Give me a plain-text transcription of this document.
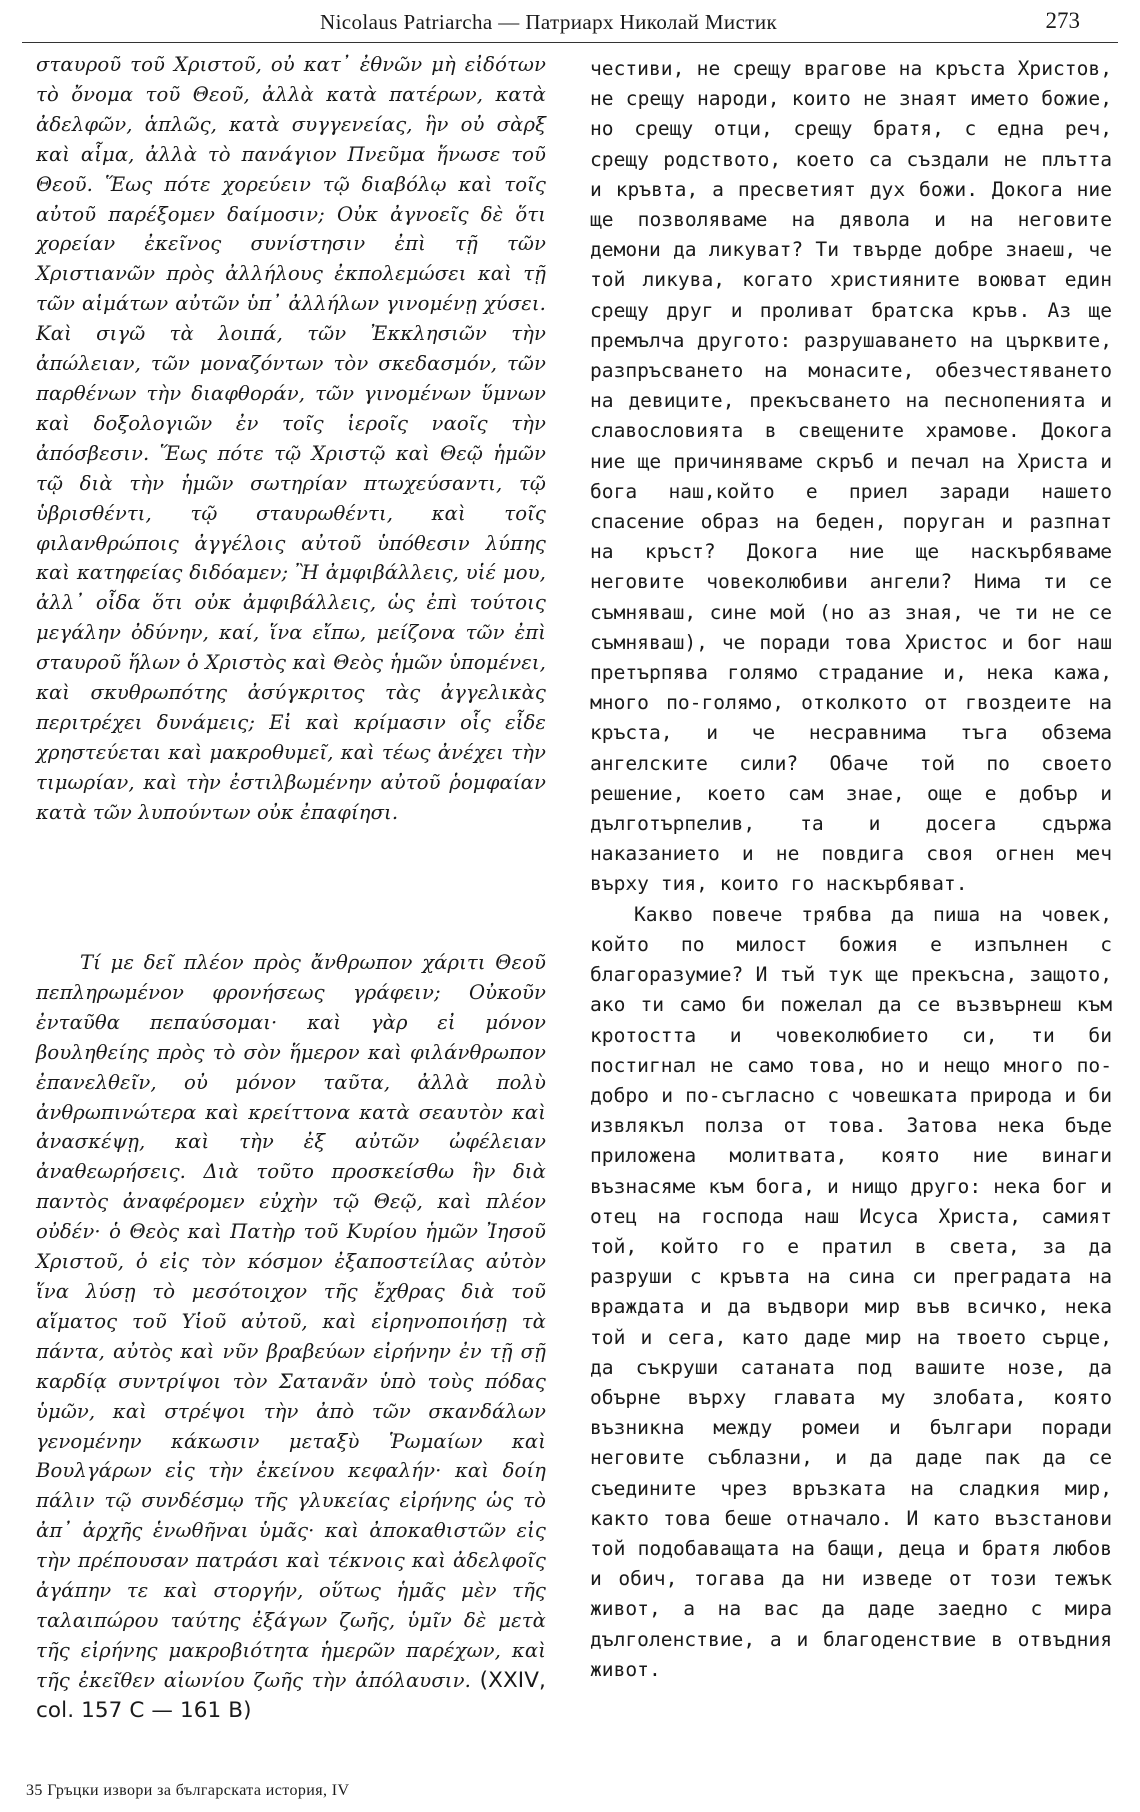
Nicolaus Patriarcha — Патриарх Николай Мистик	273

σταυροῦ τοῦ Χριστοῦ, οὐ κατ᾿ ἐθνῶν μὴ εἰδότων τὸ ὄνομα τοῦ Θεοῦ, ἀλλὰ κατὰ πατέρων, κατὰ ἀδελφῶν, ἁπλῶς, κατὰ συγγενείας, ἣν οὐ σὰρξ καὶ αἷμα, ἀλλὰ τὸ πανάγιον Πνεῦμα ἥνωσε τοῦ Θεοῦ. Ἕως πότε χορεύειν τῷ διαβόλῳ καὶ τοῖς αὐτοῦ παρέξομεν δαίμοσιν; Οὐκ ἀγνοεῖς δὲ ὅτι χορείαν ἐκεῖνος συνίστησιν ἐπὶ τῇ τῶν Χριστιανῶν πρὸς ἀλλήλους ἐκπολεμώσει καὶ τῇ τῶν αἱμάτων αὐτῶν ὑπ᾿ ἀλλήλων γινομένῃ χύσει. Καὶ σιγῶ τὰ λοιπά, τῶν Ἐκκλησιῶν τὴν ἀπώλειαν, τῶν μοναζόντων τὸν σκεδασμόν, τῶν παρθένων τὴν διαφθοράν, τῶν γινομένων ὕμνων καὶ δοξολογιῶν ἐν τοῖς ἱεροῖς ναοῖς τὴν ἀπόσβεσιν. Ἕως πότε τῷ Χριστῷ καὶ Θεῷ ἡμῶν τῷ διὰ τὴν ἡμῶν σωτηρίαν πτωχεύσαντι, τῷ ὑβρισθέντι, τῷ σταυρωθέντι, καὶ τοῖς φιλανθρώποις ἀγγέλοις αὐτοῦ ὑπόθεσιν λύπης καὶ κατηφείας διδόαμεν; Ἢ ἀμφιβάλλεις, υἱέ μου, ἀλλ᾿ οἶδα ὅτι οὐκ ἀμφιβάλλεις, ὡς ἐπὶ τούτοις μεγάλην ὀδύνην, καί, ἵνα εἴπω, μείζονα τῶν ἐπὶ σταυροῦ ἥλων ὁ Χριστὸς καὶ Θεὸς ἡμῶν ὑπομένει, καὶ σκυθρωπότης ἀσύγκριτος τὰς ἀγγελικὰς περιτρέχει δυνάμεις; Εἰ καὶ κρίμασιν οἷς εἶδε χρηστεύεται καὶ μακροθυμεῖ, καὶ τέως ἀνέχει τὴν τιμωρίαν, καὶ τὴν ἐστιλβωμένην αὐτοῦ ῥομφαίαν κατὰ τῶν λυπούντων οὐκ ἐπαφίησι.

Τί με δεῖ πλέον πρὸς ἄνθρωπον χάριτι Θεοῦ πεπληρωμένον φρονήσεως γράφειν; Οὐκοῦν ἐνταῦθα πεπαύσομαι· καὶ γὰρ εἰ μόνον βουληθείης πρὸς τὸ σὸν ἥμερον καὶ φιλάνθρωπον ἐπανελθεῖν, οὐ μόνον ταῦτα, ἀλλὰ πολὺ ἀνθρωπινώτερα καὶ κρείττονα κατὰ σεαυτὸν καὶ ἀνασκέψῃ, καὶ τὴν ἐξ αὐτῶν ὠφέλειαν ἀναθεωρήσεις. Διὰ τοῦτο προσκείσθω ἣν διὰ παντὸς ἀναφέρομεν εὐχὴν τῷ Θεῷ, καὶ πλέον οὐδέν· ὁ Θεὸς καὶ Πατὴρ τοῦ Κυρίου ἡμῶν Ἰησοῦ Χριστοῦ, ὁ εἰς τὸν κόσμον ἐξαποστείλας αὐτὸν ἵνα λύσῃ τὸ μεσότοιχον τῆς ἔχθρας διὰ τοῦ αἵματος τοῦ Υἱοῦ αὐτοῦ, καὶ εἰρηνοποιήσῃ τὰ πάντα, αὐτὸς καὶ νῦν βραβεύων εἰρήνην ἐν τῇ σῇ καρδίᾳ συντρίψοι τὸν Σατανᾶν ὑπὸ τοὺς πόδας ὑμῶν, καὶ στρέψοι τὴν ἀπὸ τῶν σκανδάλων γενομένην κάκωσιν μεταξὺ Ῥωμαίων καὶ Βουλγάρων εἰς τὴν ἐκείνου κεφαλήν· καὶ δοίη πάλιν τῷ συνδέσμῳ τῆς γλυκείας εἰρήνης ὡς τὸ ἀπ᾿ ἀρχῆς ἑνωθῆναι ὑμᾶς· καὶ ἀποκαθιστῶν εἰς τὴν πρέπουσαν πατράσι καὶ τέκνοις καὶ ἀδελφοῖς ἀγάπην τε καὶ στοργήν, οὕτως ἡμᾶς μὲν τῆς ταλαιπώρου ταύτης ἐξάγων ζωῆς, ὑμῖν δὲ μετὰ τῆς εἰρήνης μακροβιότητα ἡμερῶν παρέχων, καὶ τῆς ἐκεῖθεν αἰωνίου ζωῆς τὴν ἀπόλαυσιν. (XXIV, col. 157 C — 161 B)

честиви, не срещу врагове на кръста Христов, не срещу народи, които не знаят името божие, но срещу отци, срещу братя, с една реч, срещу родството, което са създали не плътта и кръвта, а пресветият дух божи. Докога ние ще позволяваме на дявола и на неговите демони да ликуват? Ти твърде добре знаеш, че той ликува, когато християните воюват един срещу друг и проливат братска кръв. Аз ще премълча другото: разрушаването на църквите, разпръсването на монасите, обезчестяването на девиците, прекъсването на песнопенията и славословията в свещените храмове. Докога ние ще причиняваме скръб и печал на Христа и бога наш,който е приел заради нашето спасение образ на беден, поруган и разпнат на кръст? Докога ние ще наскърбяваме неговите човеколюбиви ангели? Нима ти се съмняваш, сине мой (но аз зная, че ти не се съмняваш), че поради това Христос и бог наш претърпява голямо страдание и, нека кажа, много по-голямо, отколкото от гвоздеите на кръста, и че несравнима тъга обзема ангелските сили? Обаче той по своето решение, което сам знае, още е добър и дълготърпелив, та и досега сдържа наказанието и не повдига своя огнен меч върху тия, които го наскърбяват.

Какво повече трябва да пиша на човек, който по милост божия е изпълнен с благоразумие? И тъй тук ще прекъсна, защото, ако ти само би пожелал да се възвърнеш към кротостта и човеколюбието си, ти би постигнал не само това, но и нещо много по-добро и по-съгласно с човешката природа и би извлякъл полза от това. Затова нека бъде приложена молитвата, която ние винаги възнасяме към бога, и нищо друго: нека бог и отец на господа наш Исуса Христа, самият той, който го е пратил в света, за да разруши с кръвта на сина си преградата на враждата и да въдвори мир във всичко, нека той и сега, като даде мир на твоето сърце, да съкруши сатаната под вашите нозе, да обърне върху главата му злобата, която възникна между ромеи и българи поради неговите съблазни, и да даде пак да се съедините чрез връзката на сладкия мир, както това беше отначало. И като възстанови той подобаващата на бащи, деца и братя любов и обич, тогава да ни изведе от този тежък живот, а на вас да даде заедно с мира дълголенствие, а и благоденствие в отвъдния живот.

35 Гръцки извори за българската история, IV
